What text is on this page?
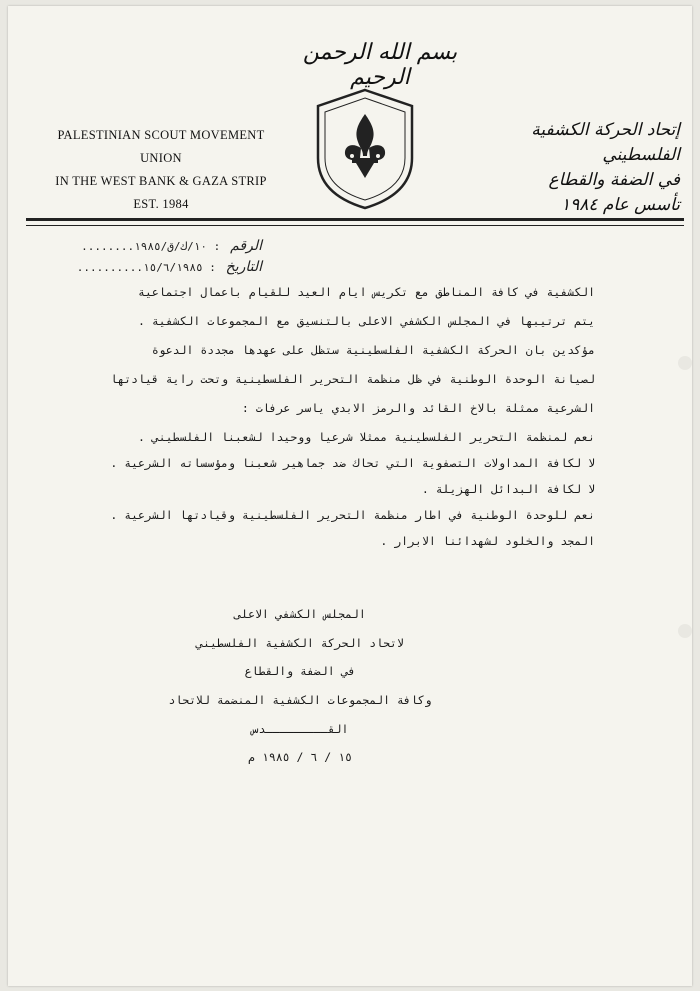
بسم الله الرحمن الرحيم
PALESTINIAN SCOUT MOVEMENT UNION
IN THE WEST BANK & GAZA STRIP
EST. 1984
إتحاد الحركة الكشفية الفلسطيني
في الضفة والقطاع
تأسس عام ١٩٨٤
الرقم : ١٠/ك/ق/١٩٨٥........
التاريخ : ١٥/٦/١٩٨٥..........
الكشفية في كافة المناطق مع تكريس ايام العيد للقيام باعمال اجتماعية
يتم ترتيبها في المجلس الكشفي الاعلى بالتنسيق مع المجموعات الكشفية .
مؤكدين بان الحركة الكشفية الفلسطينية ستظل على عهدها مجددة الدعوة
لصيانة الوحدة الوطنية في ظل منظمة التحرير الفلسطينية وتحت راية قيادتها
الشرعية ممثلة بالاخ القائد والرمز الابدي ياسر عرفات :
نعم لمنظمة التحرير الفلسطينية ممثلا شرعيا ووحيدا لشعبنا الفلسطيني .
لا لكافة المداولات التصفوية التي تحاك ضد جماهير شعبنا ومؤسساته الشرعية .
لا لكافة البدائل الهزيلة .
نعم للوحدة الوطنية في اطار منظمة التحرير الفلسطينية وقيادتها الشرعية .
المجد والخلود لشهدائنا الابرار .
المجلس الكشفي الاعلى
لاتحاد الحركة الكشفية الفلسطيني
في الضفة والقطاع
وكافة المجموعات الكشفية المنضمة للاتحاد
القـــــــــدس
١٥ / ٦ / ١٩٨٥ م
